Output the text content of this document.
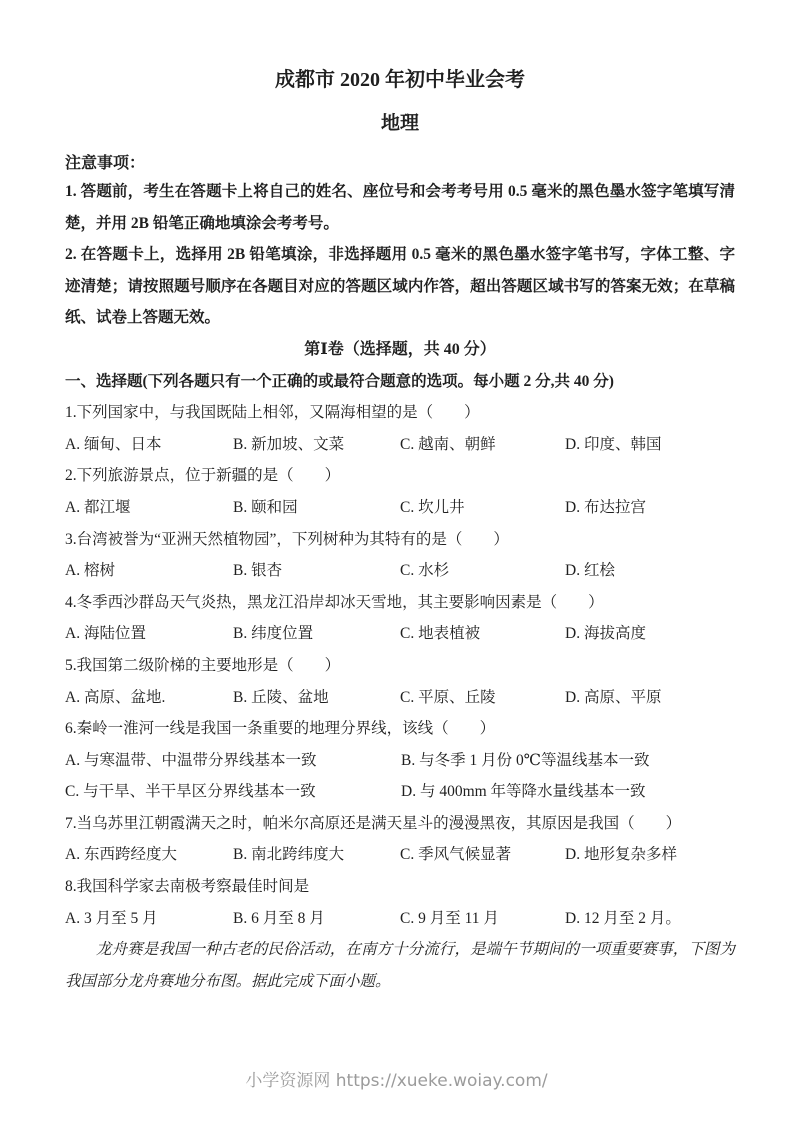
成都市 2020 年初中毕业会考
地理
注意事项：

1. 答题前，考生在答题卡上将自己的姓名、座位号和会考考号用 0.5 毫米的黑色墨水签字笔填写清楚，并用 2B 铅笔正确地填涂会考考号。

2. 在答题卡上，选择用 2B 铅笔填涂，非选择题用 0.5 毫米的黑色墨水签字笔书写，字体工整、字迹清楚；请按照题号顺序在各题目对应的答题区域内作答，超出答题区域书写的答案无效；在草稿纸、试卷上答题无效。

第Ⅰ卷（选择题，共 40 分）
一、选择题(下列各题只有一个正确的或最符合题意的选项。每小题 2 分,共 40 分)
1.下列国家中，与我国既陆上相邻，又隔海相望的是（　　）
A. 缅甸、日本	B. 新加坡、文菜	C. 越南、朝鲜	D. 印度、韩国
2.下列旅游景点，位于新疆的是（　　）
A. 都江堰	B. 颐和园	C. 坎儿井	D. 布达拉宫
3.台湾被誉为“亚洲天然植物园”，下列树种为其特有的是（　　）
A. 榕树	B. 银杏	C. 水杉	D. 红桧
4.冬季西沙群岛天气炎热，黑龙江沿岸却冰天雪地，其主要影响因素是（　　）
A. 海陆位置	B. 纬度位置	C. 地表植被	D. 海拔高度
5.我国第二级阶梯的主要地形是（　　）
A. 高原、盆地.	B. 丘陵、盆地	C. 平原、丘陵	D. 高原、平原
6.秦岭一淮河一线是我国一条重要的地理分界线，该线（　　）
A. 与寒温带、中温带分界线基本一致	B. 与冬季 1 月份 0℃等温线基本一致
C. 与干旱、半干旱区分界线基本一致	D. 与 400mm 年等降水量线基本一致
7.当乌苏里江朝霞满天之时，帕米尔高原还是满天星斗的漫漫黑夜，其原因是我国（　　）
A. 东西跨经度大	B. 南北跨纬度大	C. 季风气候显著	D. 地形复杂多样
8.我国科学家去南极考察最佳时间是
A. 3 月至 5 月	B. 6 月至 8 月	C. 9 月至 11 月	D. 12 月至 2 月。

龙舟赛是我国一种古老的民俗活动，在南方十分流行，是端午节期间的一项重要赛事，下图为我国部分龙舟赛地分布图。据此完成下面小题。

小学资源网 https://xueke.woiay.com/
